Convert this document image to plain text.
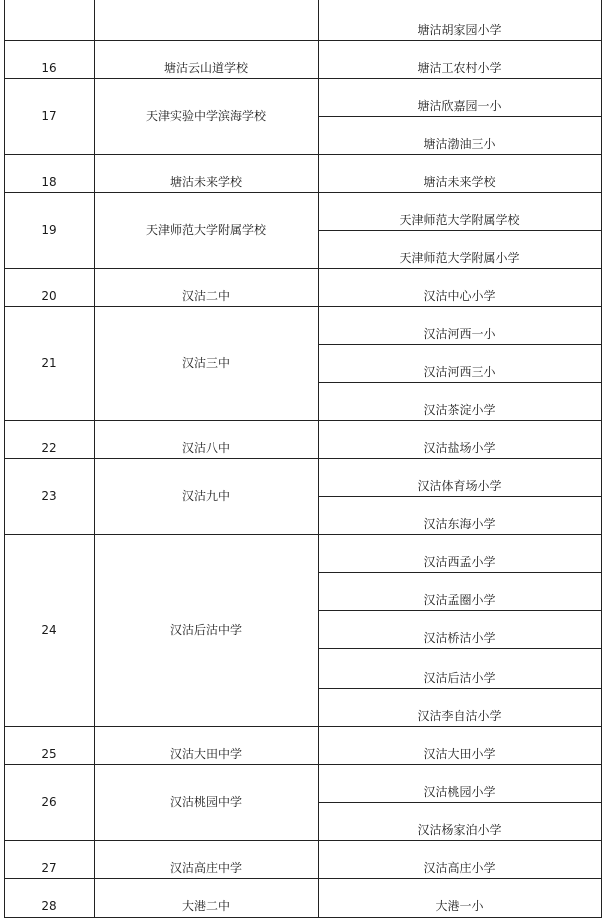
塘沽胡家园小学
16	塘沽云山道学校	塘沽工农村小学
17	天津实验中学滨海学校
塘沽欣嘉园一小
塘沽渤油三小
18	塘沽未来学校	塘沽未来学校
19	天津师范大学附属学校
天津师范大学附属学校
天津师范大学附属小学
20	汉沽二中	汉沽中心小学
21	汉沽三中
汉沽河西一小
汉沽河西三小
汉沽茶淀小学
22	汉沽八中	汉沽盐场小学
23	汉沽九中
汉沽体育场小学
汉沽东海小学
24	汉沽后沽中学
汉沽西孟小学
汉沽孟圈小学
汉沽桥沽小学
汉沽后沽小学
汉沽李自沽小学
25	汉沽大田中学	汉沽大田小学
26	汉沽桃园中学
汉沽桃园小学
汉沽杨家泊小学
27	汉沽高庄中学	汉沽高庄小学
28	大港二中	大港一小
